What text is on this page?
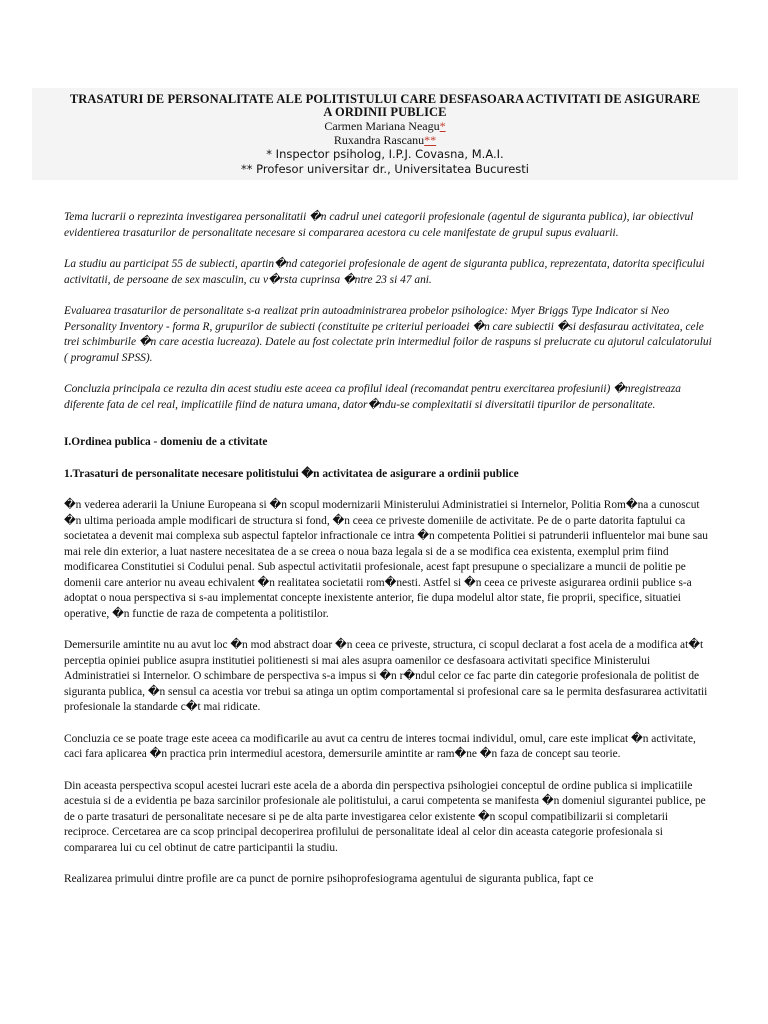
TRASATURI DE PERSONALITATE ALE POLITISTULUI CARE DESFASOARA ACTIVITATI DE ASIGURARE
A ORDINII PUBLICE

Carmen Mariana Neagu*
Ruxandra Rascanu**
* Inspector psiholog, I.P.J. Covasna, M.A.I.
** Profesor universitar dr., Universitatea Bucuresti

Tema lucrarii o reprezinta investigarea personalitatii �n cadrul unei categorii profesionale (agentul de siguranta publica), iar obiectivul evidentierea trasaturilor de personalitate necesare si compararea acestora cu cele manifestate de grupul supus evaluarii.

La studiu au participat 55 de subiecti, apartin�nd categoriei profesionale de agent de siguranta publica, reprezentata, datorita specificului activitatii, de persoane de sex masculin, cu v�rsta cuprinsa �ntre 23 si 47 ani.

Evaluarea trasaturilor de personalitate s-a realizat prin autoadministrarea probelor psihologice: Myer Briggs Type Indicator si Neo Personality Inventory - forma R, grupurilor de subiecti (constituite pe criteriul perioadei �n care subiectii �si desfasurau activitatea, cele trei schimburile �n care acestia lucreaza). Datele au fost colectate prin intermediul foilor de raspuns si prelucrate cu ajutorul calculatorului ( programul SPSS).

Concluzia principala ce rezulta din acest studiu este aceea ca profilul ideal (recomandat pentru exercitarea profesiunii) �nregistreaza diferente fata de cel real, implicatiile fiind de natura umana, dator�ndu-se complexitatii si diversitatii tipurilor de personalitate.

I.Ordinea publica - domeniu de a ctivitate
1.Trasaturi de personalitate necesare politistului �n activitatea de asigurare a ordinii publice

�n vederea aderarii la Uniune Europeana si �n scopul modernizarii Ministerului Administratiei si Internelor, Politia Rom�na a cunoscut �n ultima perioada ample modificari de structura si fond, �n ceea ce priveste domeniile de activitate. Pe de o parte datorita faptului ca societatea a devenit mai complexa sub aspectul faptelor infractionale ce intra �n competenta Politiei si patrunderii influentelor mai bune sau mai rele din exterior, a luat nastere necesitatea de a se creea o noua baza legala si de a se modifica cea existenta, exemplul prim fiind modificarea Constitutiei si Codului penal. Sub aspectul activitatii profesionale, acest fapt presupune o specializare a muncii de politie pe domenii care anterior nu aveau echivalent �n realitatea societatii rom�nesti. Astfel si �n ceea ce priveste asigurarea ordinii publice s-a adoptat o noua perspectiva si s-au implementat concepte inexistente anterior, fie dupa modelul altor state, fie proprii, specifice, situatiei operative, �n functie de raza de competenta a politistilor.

Demersurile amintite nu au avut loc �n mod abstract doar �n ceea ce priveste, structura, ci scopul declarat a fost acela de a modifica at�t perceptia opiniei publice asupra institutiei politienesti si mai ales asupra oamenilor ce desfasoara activitati specifice Ministerului Administratiei si Internelor. O schimbare de perspectiva s-a impus si �n r�ndul celor ce fac parte din categorie profesionala de politist de siguranta publica, �n sensul ca acestia vor trebui sa atinga un optim comportamental si profesional care sa le permita desfasurarea activitatii profesionale la standarde c�t mai ridicate.

Concluzia ce se poate trage este aceea ca modificarile au avut ca centru de interes tocmai individul, omul, care este implicat �n activitate, caci fara aplicarea �n practica prin intermediul acestora, demersurile amintite ar ram�ne �n faza de concept sau teorie.

Din aceasta perspectiva scopul acestei lucrari este acela de a aborda din perspectiva psihologiei conceptul de ordine publica si implicatiile acestuia si de a evidentia pe baza sarcinilor profesionale ale politistului, a carui competenta se manifesta �n domeniul sigurantei publice, pe de o parte trasaturi de personalitate necesare si pe de alta parte investigarea celor existente �n scopul compatibilizarii si completarii reciproce. Cercetarea are ca scop principal decoperirea profilului de personalitate ideal al celor din aceasta categorie profesionala si compararea lui cu cel obtinut de catre participantii la studiu.

Realizarea primului dintre profile are ca punct de pornire psihoprofesiograma agentului de siguranta publica, fapt ce
